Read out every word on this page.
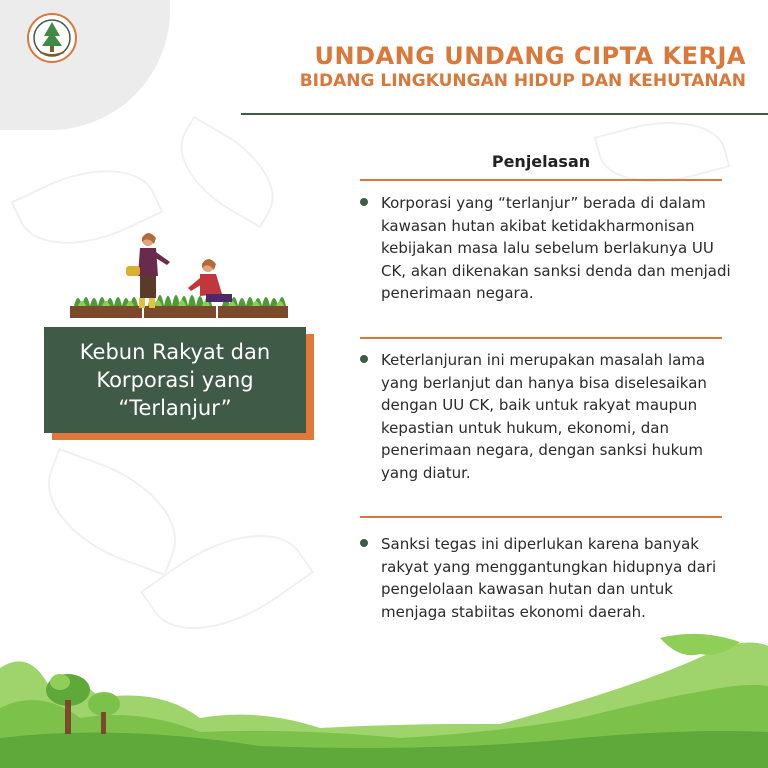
UNDANG UNDANG CIPTA KERJA
BIDANG LINGKUNGAN HIDUP DAN KEHUTANAN
Kebun Rakyat dan Korporasi yang “Terlanjur”
Penjelasan
Korporasi yang “terlanjur” berada di dalam kawasan hutan akibat ketidakharmonisan kebijakan masa lalu sebelum berlakunya UU CK, akan dikenakan sanksi denda dan menjadi penerimaan negara.
Keterlanjuran ini merupakan masalah lama yang berlanjut dan hanya bisa diselesaikan dengan UU CK, baik untuk rakyat maupun kepastian untuk hukum, ekonomi, dan penerimaan negara, dengan sanksi hukum yang diatur.
Sanksi tegas ini diperlukan karena banyak rakyat yang menggantungkan hidupnya dari pengelolaan kawasan hutan dan untuk menjaga stabiitas ekonomi daerah.
